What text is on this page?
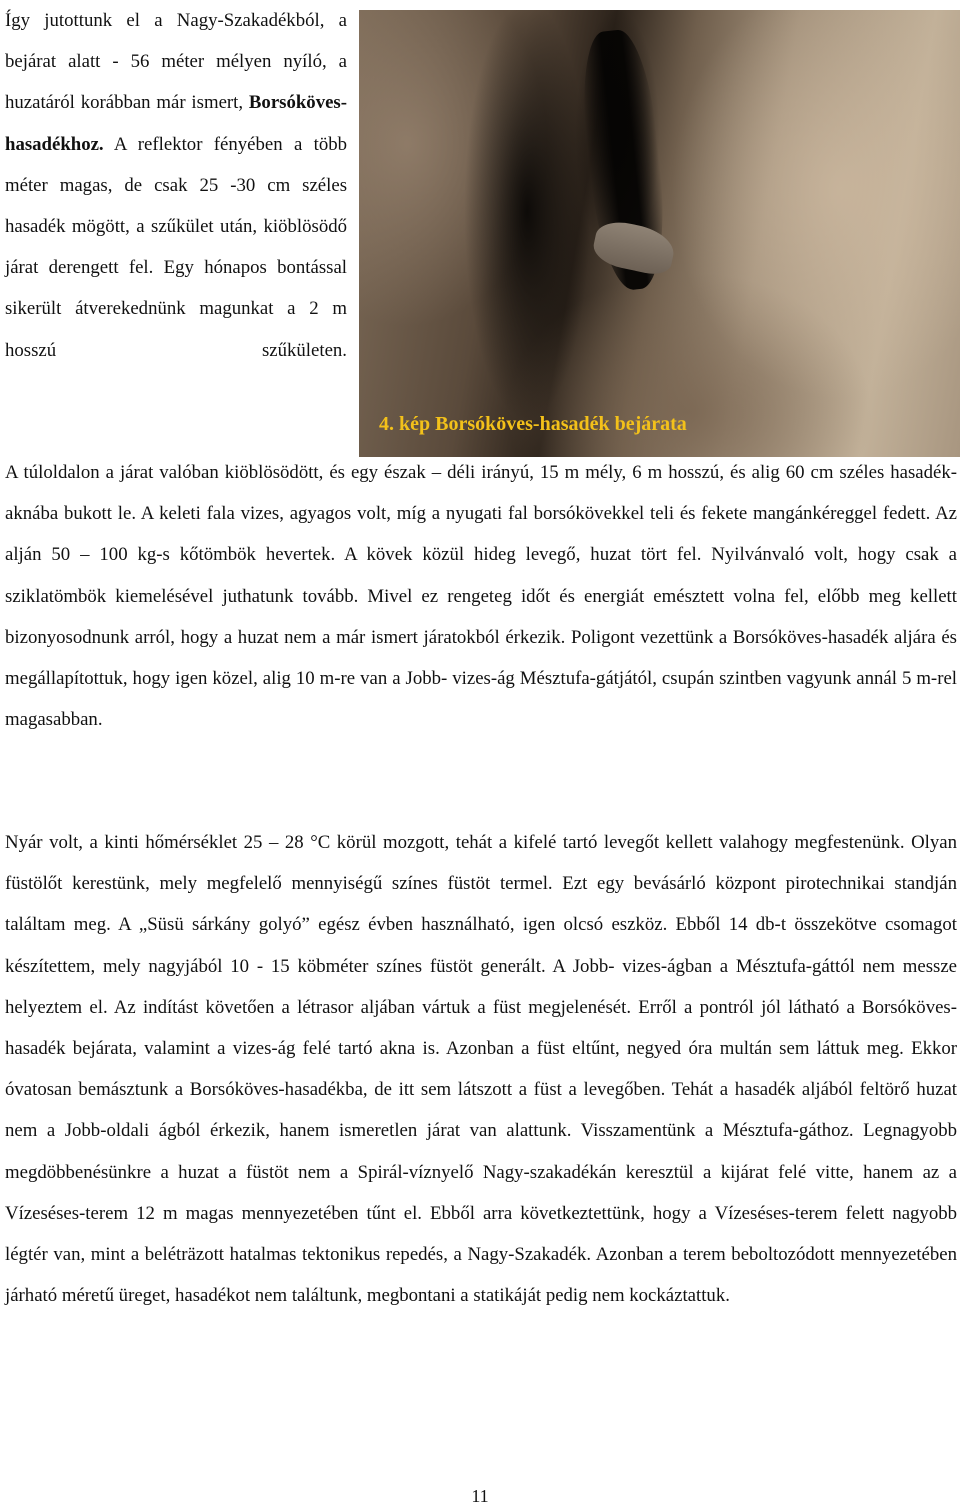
4. kép Borsóköves-hasadék bejárata

Így jutottunk el a Nagy-Szakadékból, a bejárat alatt - 56 méter mélyen nyíló, a huzatáról korábban már ismert, Borsóköves-hasadékhoz. A reflektor fényében a több méter magas, de csak 25 -30 cm széles hasadék mögött, a szűkület után, kiöblösödő járat derengett fel. Egy hónapos bontással sikerült átverekednünk magunkat a 2 m hosszú szűkületen.

A túloldalon a járat valóban kiöblösödött, és egy észak – déli irányú, 15 m mély, 6 m hosszú, és alig 60 cm széles hasadék-aknába bukott le. A keleti fala vizes, agyagos volt, míg a nyugati fal borsókövekkel teli és fekete mangánkéreggel fedett. Az alján 50 – 100 kg-s kőtömbök hevertek. A kövek közül hideg levegő, huzat tört fel. Nyilvánvaló volt, hogy csak a sziklatömbök kiemelésével juthatunk tovább. Mivel ez rengeteg időt és energiát emésztett volna fel, előbb meg kellett bizonyosodnunk arról, hogy a huzat nem a már ismert járatokból érkezik. Poligont vezettünk a Borsóköves-hasadék aljára és megállapítottuk, hogy igen közel, alig 10 m-re van a Jobb- vizes-ág Mésztufa-gátjától, csupán szintben vagyunk annál 5 m-rel magasabban.

Nyár volt, a kinti hőmérséklet 25 – 28 °C körül mozgott, tehát a kifelé tartó levegőt kellett valahogy megfestenünk. Olyan füstölőt kerestünk, mely megfelelő mennyiségű színes füstöt termel. Ezt egy bevásárló központ pirotechnikai standján találtam meg. A „Süsü sárkány golyó” egész évben használható, igen olcsó eszköz. Ebből 14 db-t összekötve csomagot készítettem, mely nagyjából 10 - 15 köbméter színes füstöt generált. A Jobb- vizes-ágban a Mésztufa-gáttól nem messze helyeztem el. Az indítást követően a létrasor aljában vártuk a füst megjelenését. Erről a pontról jól látható a Borsóköves-hasadék bejárata, valamint a vizes-ág felé tartó akna is. Azonban a füst eltűnt, negyed óra multán sem láttuk meg. Ekkor óvatosan bemásztunk a Borsóköves-hasadékba, de itt sem látszott a füst a levegőben. Tehát a hasadék aljából feltörő huzat nem a Jobb-oldali ágból érkezik, hanem ismeretlen járat van alattunk. Visszamentünk a Mésztufa-gáthoz. Legnagyobb megdöbbenésünkre a huzat a füstöt nem a Spirál-víznyelő Nagy-szakadékán keresztül a kijárat felé vitte, hanem az a Vízeséses-terem 12 m magas mennyezetében tűnt el. Ebből arra következtettünk, hogy a Vízeséses-terem felett nagyobb légtér van, mint a beléträzott hatalmas tektonikus repedés, a Nagy-Szakadék. Azonban a terem beboltozódott mennyezetében járható méretű üreget, hasadékot nem találtunk, megbontani a statikáját pedig nem kockáztattuk.

11
